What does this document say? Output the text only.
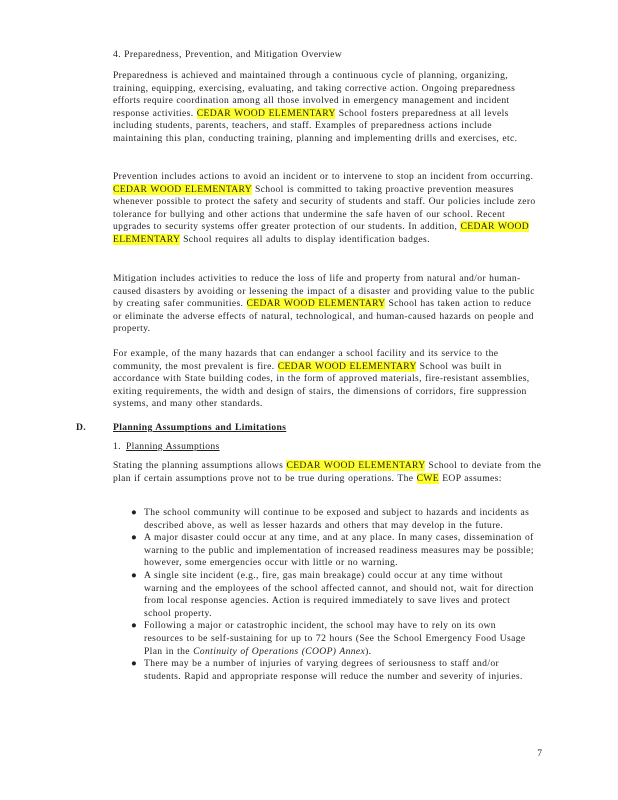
4. Preparedness, Prevention, and Mitigation Overview
Preparedness is achieved and maintained through a continuous cycle of planning, organizing, training, equipping, exercising, evaluating, and taking corrective action. Ongoing preparedness efforts require coordination among all those involved in emergency management and incident response activities. CEDAR WOOD ELEMENTARY School fosters preparedness at all levels including students, parents, teachers, and staff. Examples of preparedness actions include maintaining this plan, conducting training, planning and implementing drills and exercises, etc.
Prevention includes actions to avoid an incident or to intervene to stop an incident from occurring. CEDAR WOOD ELEMENTARY School is committed to taking proactive prevention measures whenever possible to protect the safety and security of students and staff. Our policies include zero tolerance for bullying and other actions that undermine the safe haven of our school. Recent upgrades to security systems offer greater protection of our students. In addition, CEDAR WOOD ELEMENTARY School requires all adults to display identification badges.
Mitigation includes activities to reduce the loss of life and property from natural and/or human-caused disasters by avoiding or lessening the impact of a disaster and providing value to the public by creating safer communities. CEDAR WOOD ELEMENTARY School has taken action to reduce or eliminate the adverse effects of natural, technological, and human-caused hazards on people and property.
For example, of the many hazards that can endanger a school facility and its service to the community, the most prevalent is fire. CEDAR WOOD ELEMENTARY School was built in accordance with State building codes, in the form of approved materials, fire-resistant assemblies, exiting requirements, the width and design of stairs, the dimensions of corridors, fire suppression systems, and many other standards.
D.	Planning Assumptions and Limitations
1. Planning Assumptions
Stating the planning assumptions allows CEDAR WOOD ELEMENTARY School to deviate from the plan if certain assumptions prove not to be true during operations. The CWE EOP assumes:
● The school community will continue to be exposed and subject to hazards and incidents as described above, as well as lesser hazards and others that may develop in the future.
● A major disaster could occur at any time, and at any place. In many cases, dissemination of warning to the public and implementation of increased readiness measures may be possible; however, some emergencies occur with little or no warning.
● A single site incident (e.g., fire, gas main breakage) could occur at any time without warning and the employees of the school affected cannot, and should not, wait for direction from local response agencies. Action is required immediately to save lives and protect school property.
● Following a major or catastrophic incident, the school may have to rely on its own resources to be self-sustaining for up to 72 hours (See the School Emergency Food Usage Plan in the Continuity of Operations (COOP) Annex).
● There may be a number of injuries of varying degrees of seriousness to staff and/or students. Rapid and appropriate response will reduce the number and severity of injuries.
7
